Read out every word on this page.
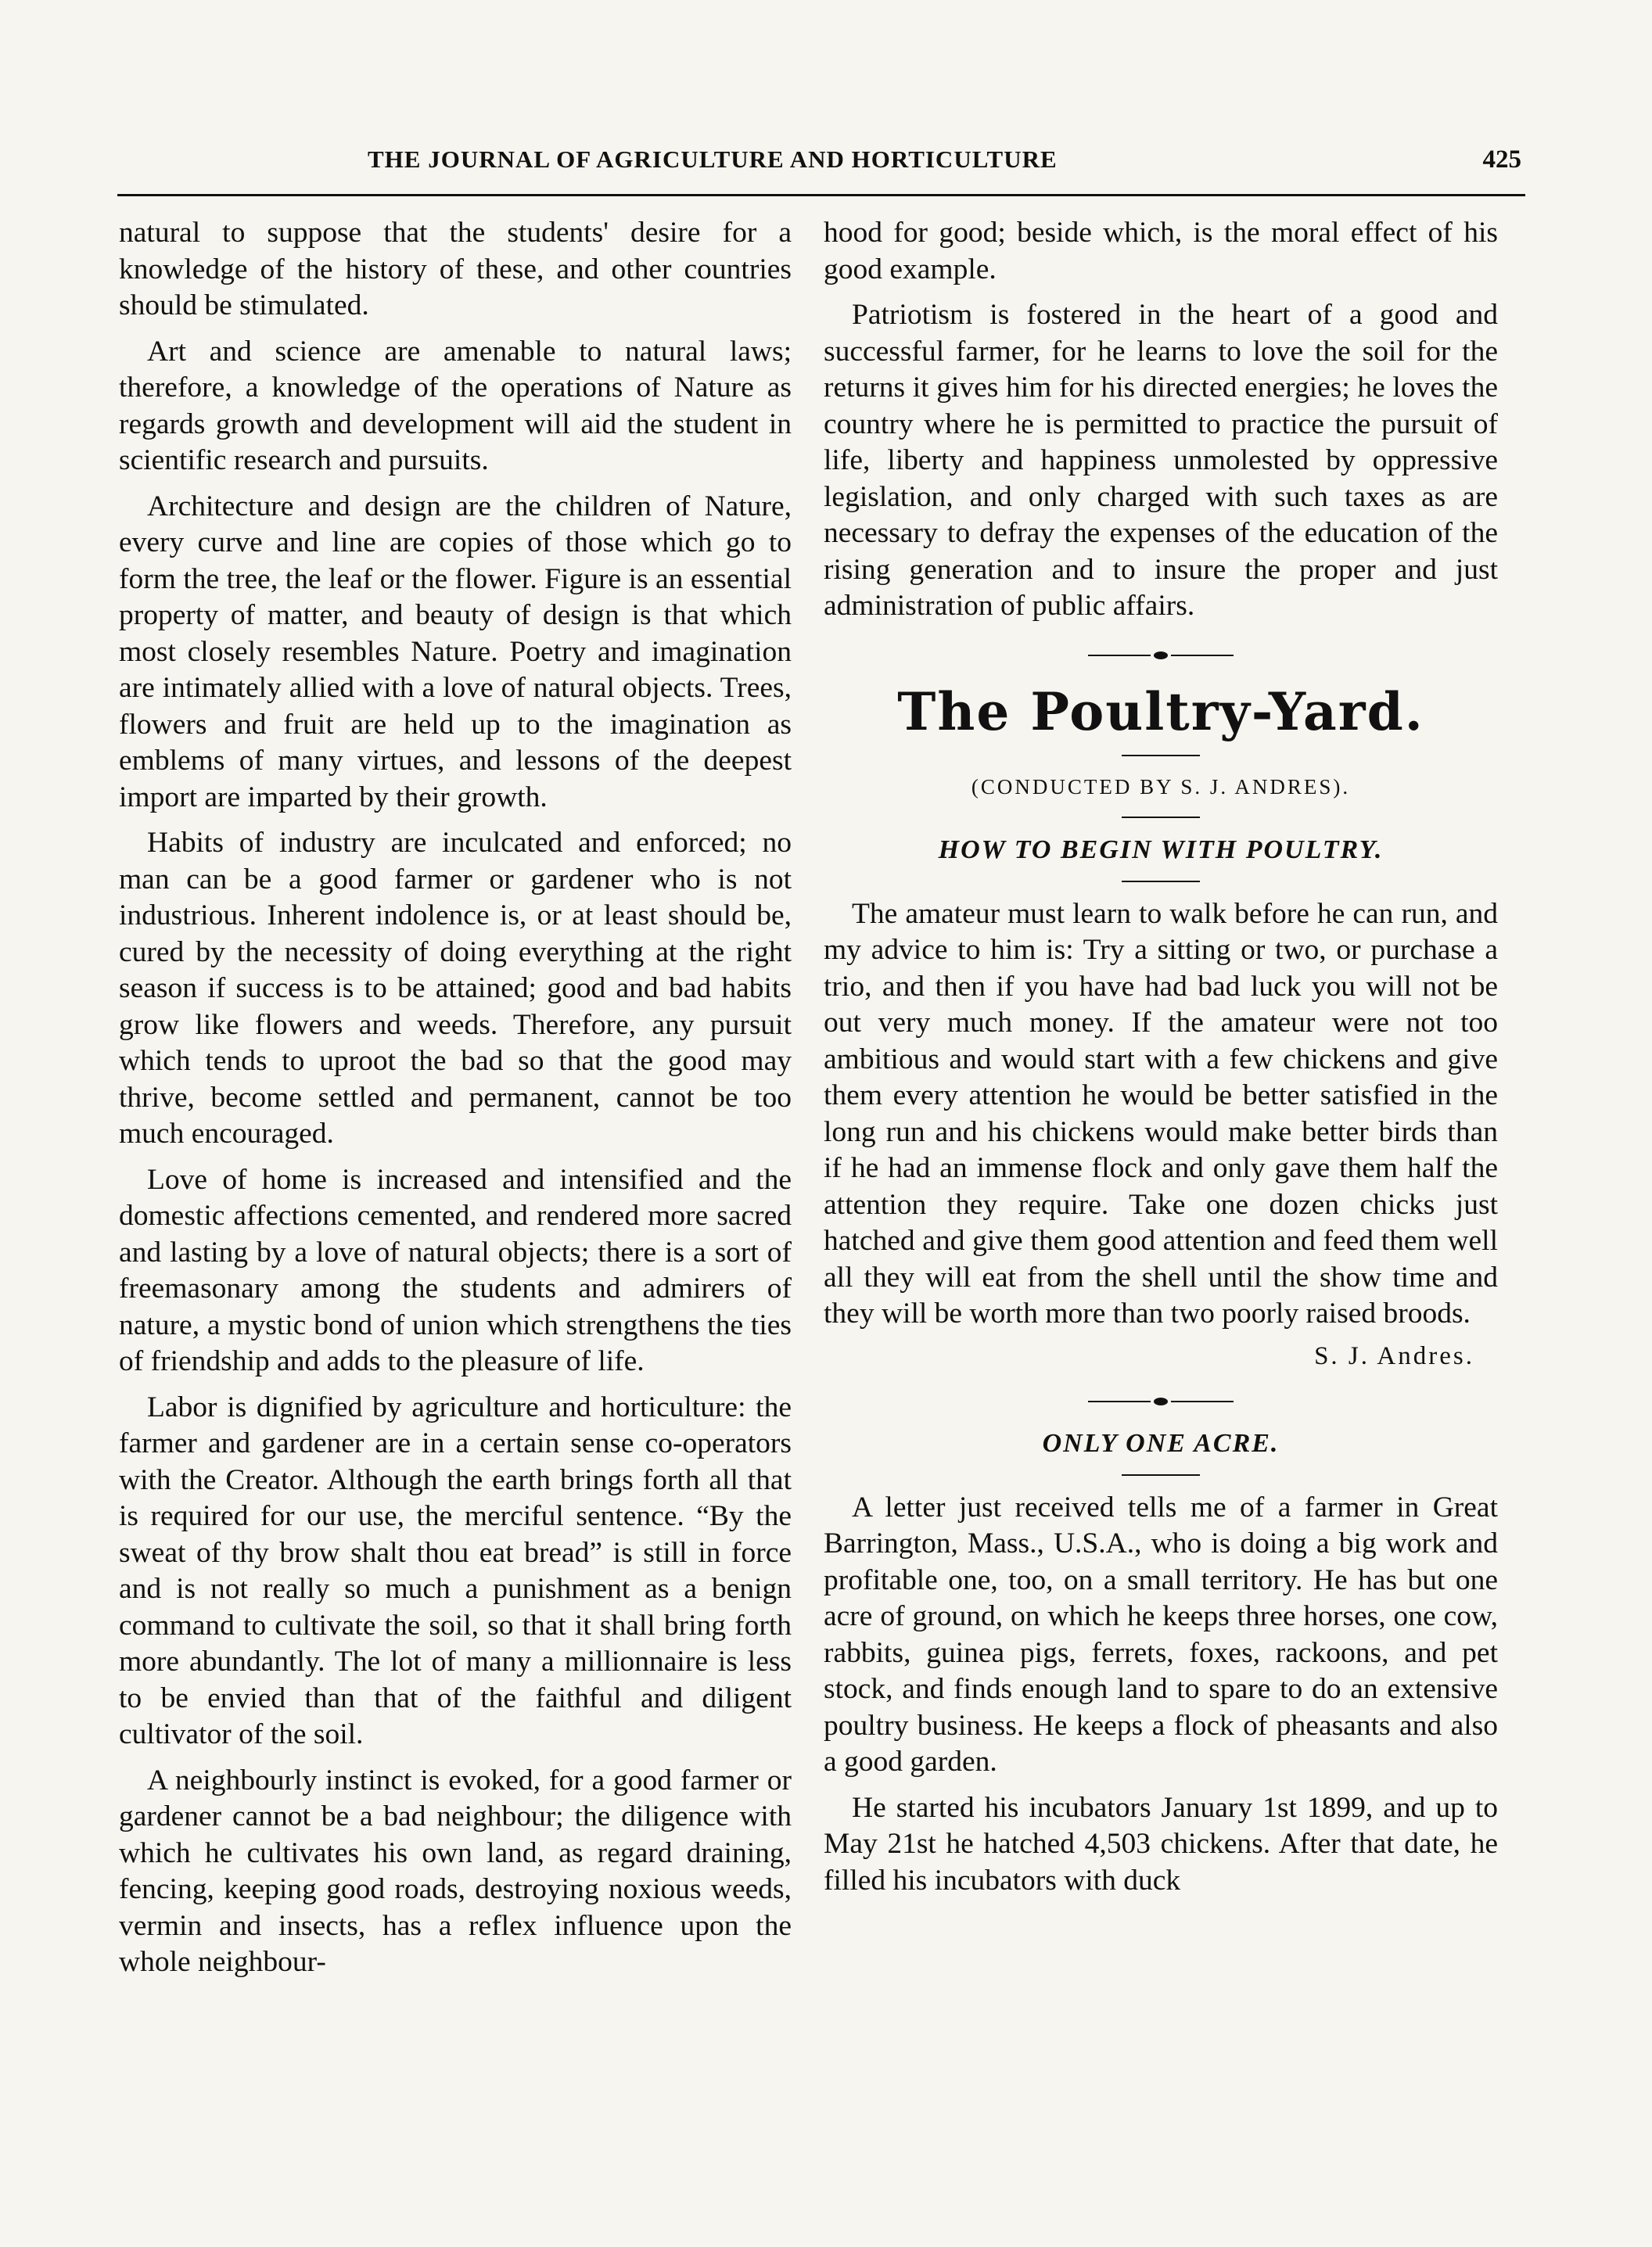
THE JOURNAL OF AGRICULTURE AND HORTICULTURE	425

natural to suppose that the students' desire for a knowledge of the history of these, and other countries should be stimulated.

Art and science are amenable to natural laws; therefore, a knowledge of the operations of Nature as regards growth and development will aid the student in scientific research and pursuits.

Architecture and design are the children of Nature, every curve and line are copies of those which go to form the tree, the leaf or the flower. Figure is an essential property of matter, and beauty of design is that which most closely resembles Nature. Poetry and imagination are intimately allied with a love of natural objects. Trees, flowers and fruit are held up to the imagination as emblems of many virtues, and lessons of the deepest import are imparted by their growth.

Habits of industry are inculcated and enforced; no man can be a good farmer or gardener who is not industrious. Inherent indolence is, or at least should be, cured by the necessity of doing everything at the right season if success is to be attained; good and bad habits grow like flowers and weeds. Therefore, any pursuit which tends to uproot the bad so that the good may thrive, become settled and permanent, cannot be too much encouraged.

Love of home is increased and intensified and the domestic affections cemented, and rendered more sacred and lasting by a love of natural objects; there is a sort of freemasonary among the students and admirers of nature, a mystic bond of union which strengthens the ties of friendship and adds to the pleasure of life.

Labor is dignified by agriculture and horticulture: the farmer and gardener are in a certain sense co-operators with the Creator. Although the earth brings forth all that is required for our use, the merciful sentence. “By the sweat of thy brow shalt thou eat bread” is still in force and is not really so much a punishment as a benign command to cultivate the soil, so that it shall bring forth more abundantly. The lot of many a millionnaire is less to be envied than that of the faithful and diligent cultivator of the soil.

A neighbourly instinct is evoked, for a good farmer or gardener cannot be a bad neighbour; the diligence with which he cultivates his own land, as regard draining, fencing, keeping good roads, destroying noxious weeds, vermin and insects, has a reflex influence upon the whole neighbour-

hood for good; beside which, is the moral effect of his good example.

Patriotism is fostered in the heart of a good and successful farmer, for he learns to love the soil for the returns it gives him for his directed energies; he loves the country where he is permitted to practice the pursuit of life, liberty and happiness unmolested by oppressive legislation, and only charged with such taxes as are necessary to defray the expenses of the education of the rising generation and to insure the proper and just administration of public affairs.

The Poultry-Yard.
(CONDUCTED BY S. J. ANDRES).
HOW TO BEGIN WITH POULTRY.

The amateur must learn to walk before he can run, and my advice to him is: Try a sitting or two, or purchase a trio, and then if you have had bad luck you will not be out very much money. If the amateur were not too ambitious and would start with a few chickens and give them every attention he would be better satisfied in the long run and his chickens would make better birds than if he had an immense flock and only gave them half the attention they require. Take one dozen chicks just hatched and give them good attention and feed them well all they will eat from the shell until the show time and they will be worth more than two poorly raised broods.

S. J. Andres.
ONLY ONE ACRE.

A letter just received tells me of a farmer in Great Barrington, Mass., U.S.A., who is doing a big work and profitable one, too, on a small territory. He has but one acre of ground, on which he keeps three horses, one cow, rabbits, guinea pigs, ferrets, foxes, rackoons, and pet stock, and finds enough land to spare to do an extensive poultry business. He keeps a flock of pheasants and also a good garden.

He started his incubators January 1st 1899, and up to May 21st he hatched 4,503 chickens. After that date, he filled his incubators with duck
